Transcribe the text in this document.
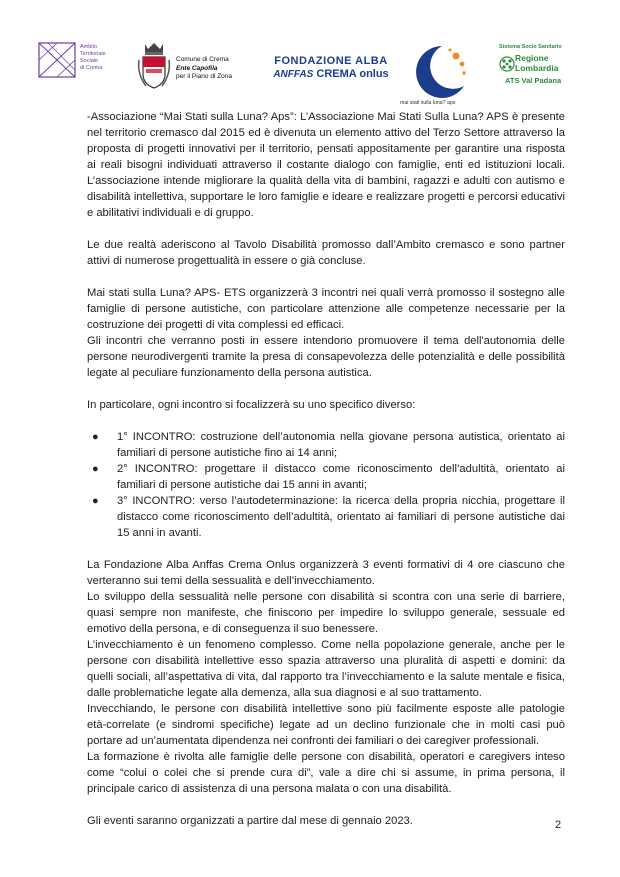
Ambito
Territoriale
Sociale
di Crema
Comune di Crema
Ente Capofila
per il Piano di Zona
FONDAZIONE ALBA
ANFFAS CREMA onlus
mai stati sulla luna? aps
Sistema Socio Sanitario
Regione
Lombardia
ATS Val Padana

-Associazione “Mai Stati sulla Luna? Aps”: L’Associazione Mai Stati Sulla Luna? APS è presente nel territorio cremasco dal 2015 ed è divenuta un elemento attivo del Terzo Settore attraverso la proposta di progetti innovativi per il territorio, pensati appositamente per garantire una risposta ai reali bisogni individuati attraverso il costante dialogo con famiglie, enti ed istituzioni locali. L’associazione intende migliorare la qualità della vita di bambini, ragazzi e adulti con autismo e disabilità intellettiva, supportare le loro famiglie e ideare e realizzare progetti e percorsi educativi e abilitativi individuali e di gruppo.

Le due realtà aderiscono al Tavolo Disabilità promosso dall’Ambito cremasco e sono partner attivi di numerose progettualità in essere o già concluse.

Mai stati sulla Luna? APS- ETS organizzerà 3 incontri nei quali verrà promosso il sostegno alle famiglie di persone autistiche, con particolare attenzione alle competenze necessarie per la costruzione dei progetti di vita complessi ed efficaci.

Gli incontri che verranno posti in essere intendono promuovere il tema dell'autonomia delle persone neurodivergenti tramite la presa di consapevolezza delle potenzialità e delle possibilità legate al peculiare funzionamento della persona autistica.

In particolare, ogni incontro si focalizzerà su uno specifico diverso:

● 1° INCONTRO: costruzione dell’autonomia nella giovane persona autistica, orientato ai familiari di persone autistiche fino ai 14 anni;
● 2° INCONTRO: progettare il distacco come riconoscimento dell’adultità, orientato ai familiari di persone autistiche dai 15 anni in avanti;
● 3° INCONTRO: verso l’autodeterminazione: la ricerca della propria nicchia, progettare il distacco come riconoscimento dell’adultità, orientato ai familiari di persone autistiche dai 15 anni in avanti.

La Fondazione Alba Anffas Crema Onlus organizzerà 3 eventi formativi di 4 ore ciascuno che verteranno sui temi della sessualità e dell’invecchiamento.

Lo sviluppo della sessualità nelle persone con disabilità si scontra con una serie di barriere, quasi sempre non manifeste, che finiscono per impedire lo sviluppo generale, sessuale ed emotivo della persona, e di conseguenza il suo benessere.

L’invecchiamento è un fenomeno complesso. Come nella popolazione generale, anche per le persone con disabilità intellettive esso spazia attraverso una pluralità di aspetti e domini: da quelli sociali, all’aspettativa di vita, dal rapporto tra l’invecchiamento e la salute mentale e fisica, dalle problematiche legate alla demenza, alla sua diagnosi e al suo trattamento.

Invecchiando, le persone con disabilità intellettive sono più facilmente esposte alle patologie età-correlate (e sindromi specifiche) legate ad un declino funzionale che in molti casi può portare ad un’aumentata dipendenza nei confronti dei familiari o dei caregiver professionali.

La formazione è rivolta alle famiglie delle persone con disabilità, operatori e caregivers inteso come “colui o colei che si prende cura di”, vale a dire chi si assume, in prima persona, il principale carico di assistenza di una persona malata o con una disabilità.

Gli eventi saranno organizzati a partire dal mese di gennaio 2023.	2
